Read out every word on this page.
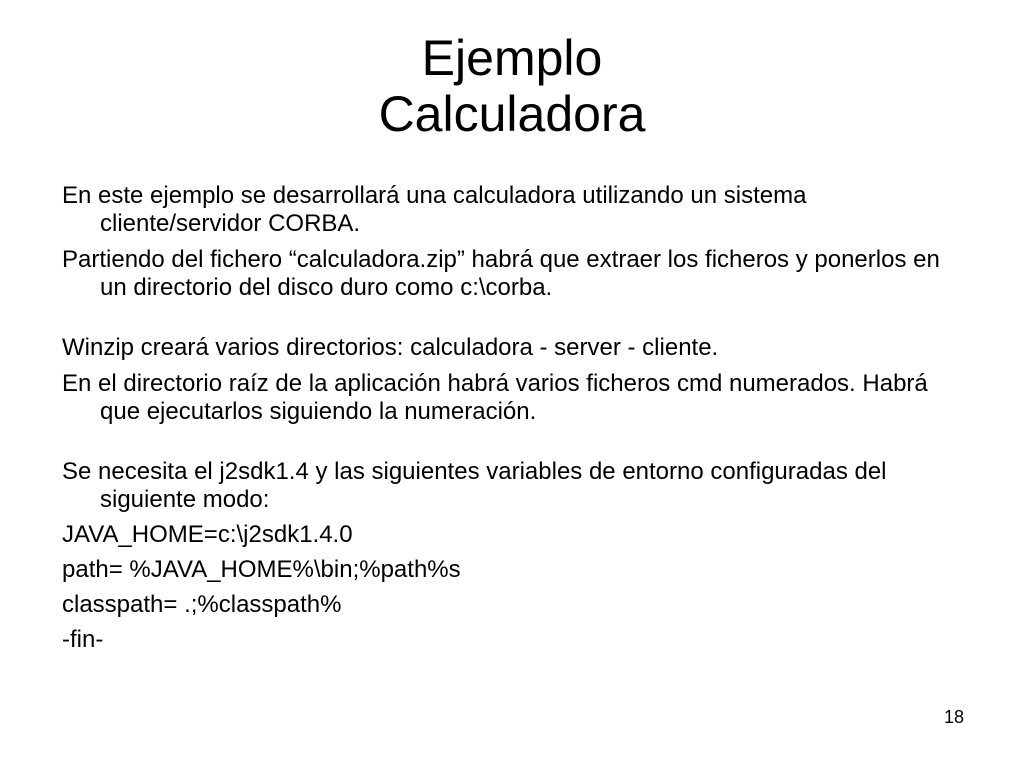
Ejemplo
Calculadora

En este ejemplo se desarrollará una calculadora utilizando un sistema cliente/servidor CORBA.

Partiendo del fichero “calculadora.zip” habrá que extraer los ficheros y ponerlos en un directorio del disco duro como c:\corba.

Winzip creará varios directorios: calculadora - server - cliente.

En el directorio raíz de la aplicación habrá varios ficheros cmd numerados. Habrá que ejecutarlos siguiendo la numeración.

Se necesita el j2sdk1.4 y las siguientes variables de entorno configuradas del siguiente modo:

JAVA_HOME=c:\j2sdk1.4.0

path= %JAVA_HOME%\bin;%path%s

classpath= .;%classpath%

-fin-

18
